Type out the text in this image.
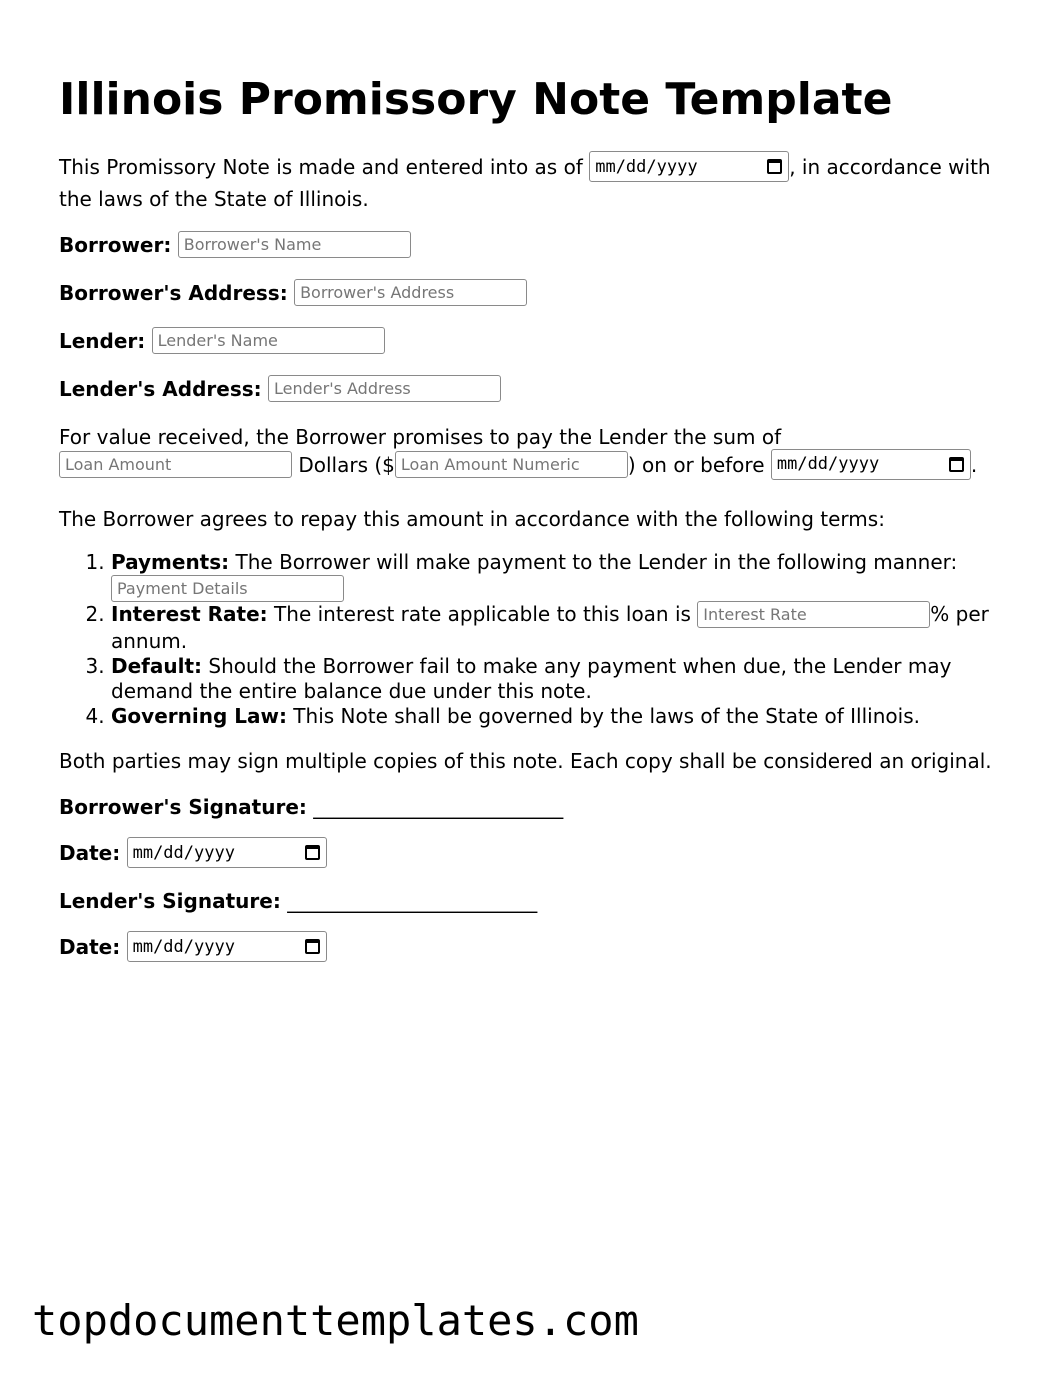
Illinois Promissory Note Template

This Promissory Note is made and entered into as of mm/dd/yyyy	, in accordance with the laws of the State of Illinois.

Borrower: Borrower's Name
Borrower's Address: Borrower's Address
Lender: Lender's Name
Lender's Address: Lender's Address

For value received, the Borrower promises to pay the Lender the sum of
Loan Amount Dollars ($Loan Amount Numeric	) on or before mm/dd/yyyy	.

The Borrower agrees to repay this amount in accordance with the following terms:

1. Payments: The Borrower will make payment to the Lender in the following manner: Payment Details
2. Interest Rate: The interest rate applicable to this loan is Interest Rate	% per annum.
3. Default: Should the Borrower fail to make any payment when due, the Lender may demand the entire balance due under this note.
4. Governing Law: This Note shall be governed by the laws of the State of Illinois.

Both parties may sign multiple copies of this note. Each copy shall be considered an original.

Borrower's Signature: _________________________
Date: mm/dd/yyyy
Lender's Signature: _________________________
Date: mm/dd/yyyy
topdocumenttemplates.com
